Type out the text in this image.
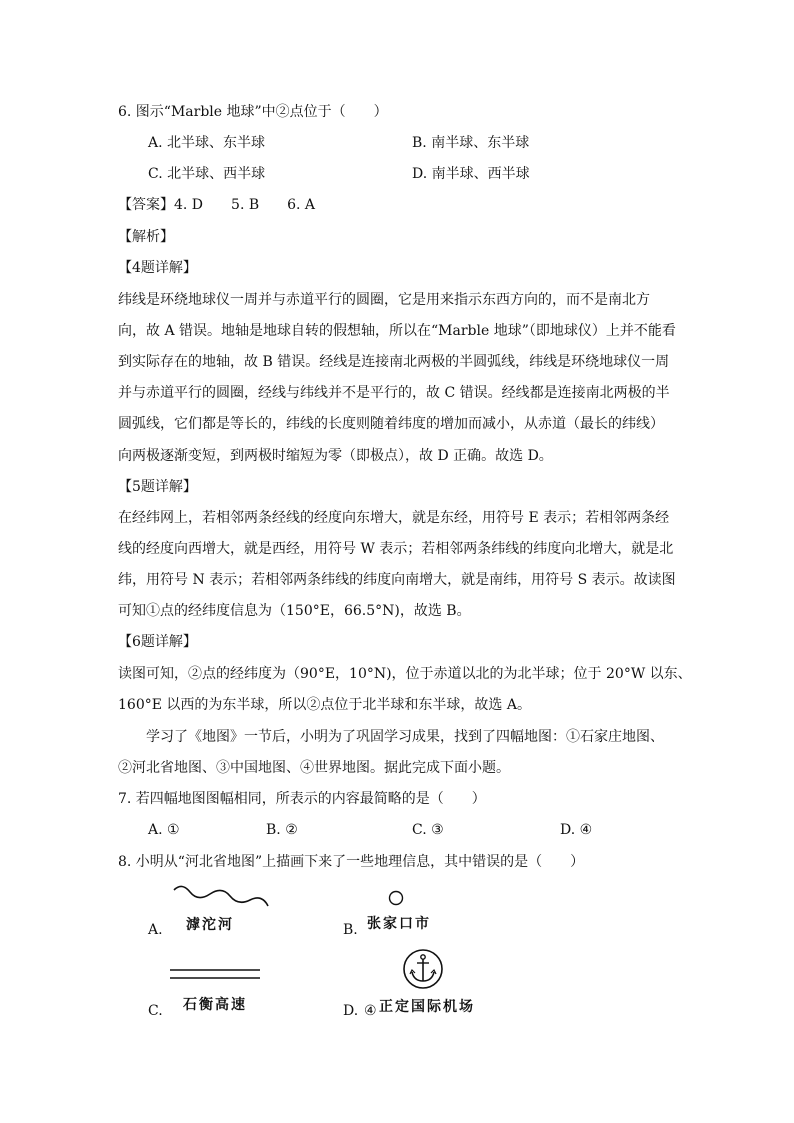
6. 图示“Marble 地球”中②点位于（　　）
A. 北半球、东半球	B. 南半球、东半球
C. 北半球、西半球	D. 南半球、西半球
【答案】4. D　　5. B　　6. A
【解析】
【4题详解】
纬线是环绕地球仪一周并与赤道平行的圆圈，它是用来指示东西方向的，而不是南北方
向，故 A 错误。地轴是地球自转的假想轴，所以在“Marble 地球”（即地球仪）上并不能看
到实际存在的地轴，故 B 错误。经线是连接南北两极的半圆弧线，纬线是环绕地球仪一周
并与赤道平行的圆圈，经线与纬线并不是平行的，故 C 错误。经线都是连接南北两极的半
圆弧线，它们都是等长的，纬线的长度则随着纬度的增加而减小，从赤道（最长的纬线）
向两极逐渐变短，到两极时缩短为零（即极点），故 D 正确。故选 D。
【5题详解】
在经纬网上，若相邻两条经线的经度向东增大，就是东经，用符号 E 表示；若相邻两条经
线的经度向西增大，就是西经，用符号 W 表示；若相邻两条纬线的纬度向北增大，就是北
纬，用符号 N 表示；若相邻两条纬线的纬度向南增大，就是南纬，用符号 S 表示。故读图
可知①点的经纬度信息为（150°E，66.5°N)，故选 B。
【6题详解】
读图可知，②点的经纬度为（90°E，10°N)，位于赤道以北的为北半球；位于 20°W 以东、
160°E 以西的为东半球，所以②点位于北半球和东半球，故选 A。
　　学习了《地图》一节后，小明为了巩固学习成果，找到了四幅地图：①石家庄地图、
②河北省地图、③中国地图、④世界地图。据此完成下面小题。
7. 若四幅地图图幅相同，所表示的内容最简略的是（　　）
A. ①	B. ②	C. ③	D. ④
8. 小明从“河北省地图”上描画下来了一些地理信息，其中错误的是（　　）
A. 滹沱河	B. 张家口市
C. 石衡高速	D. ④ 正定国际机场
